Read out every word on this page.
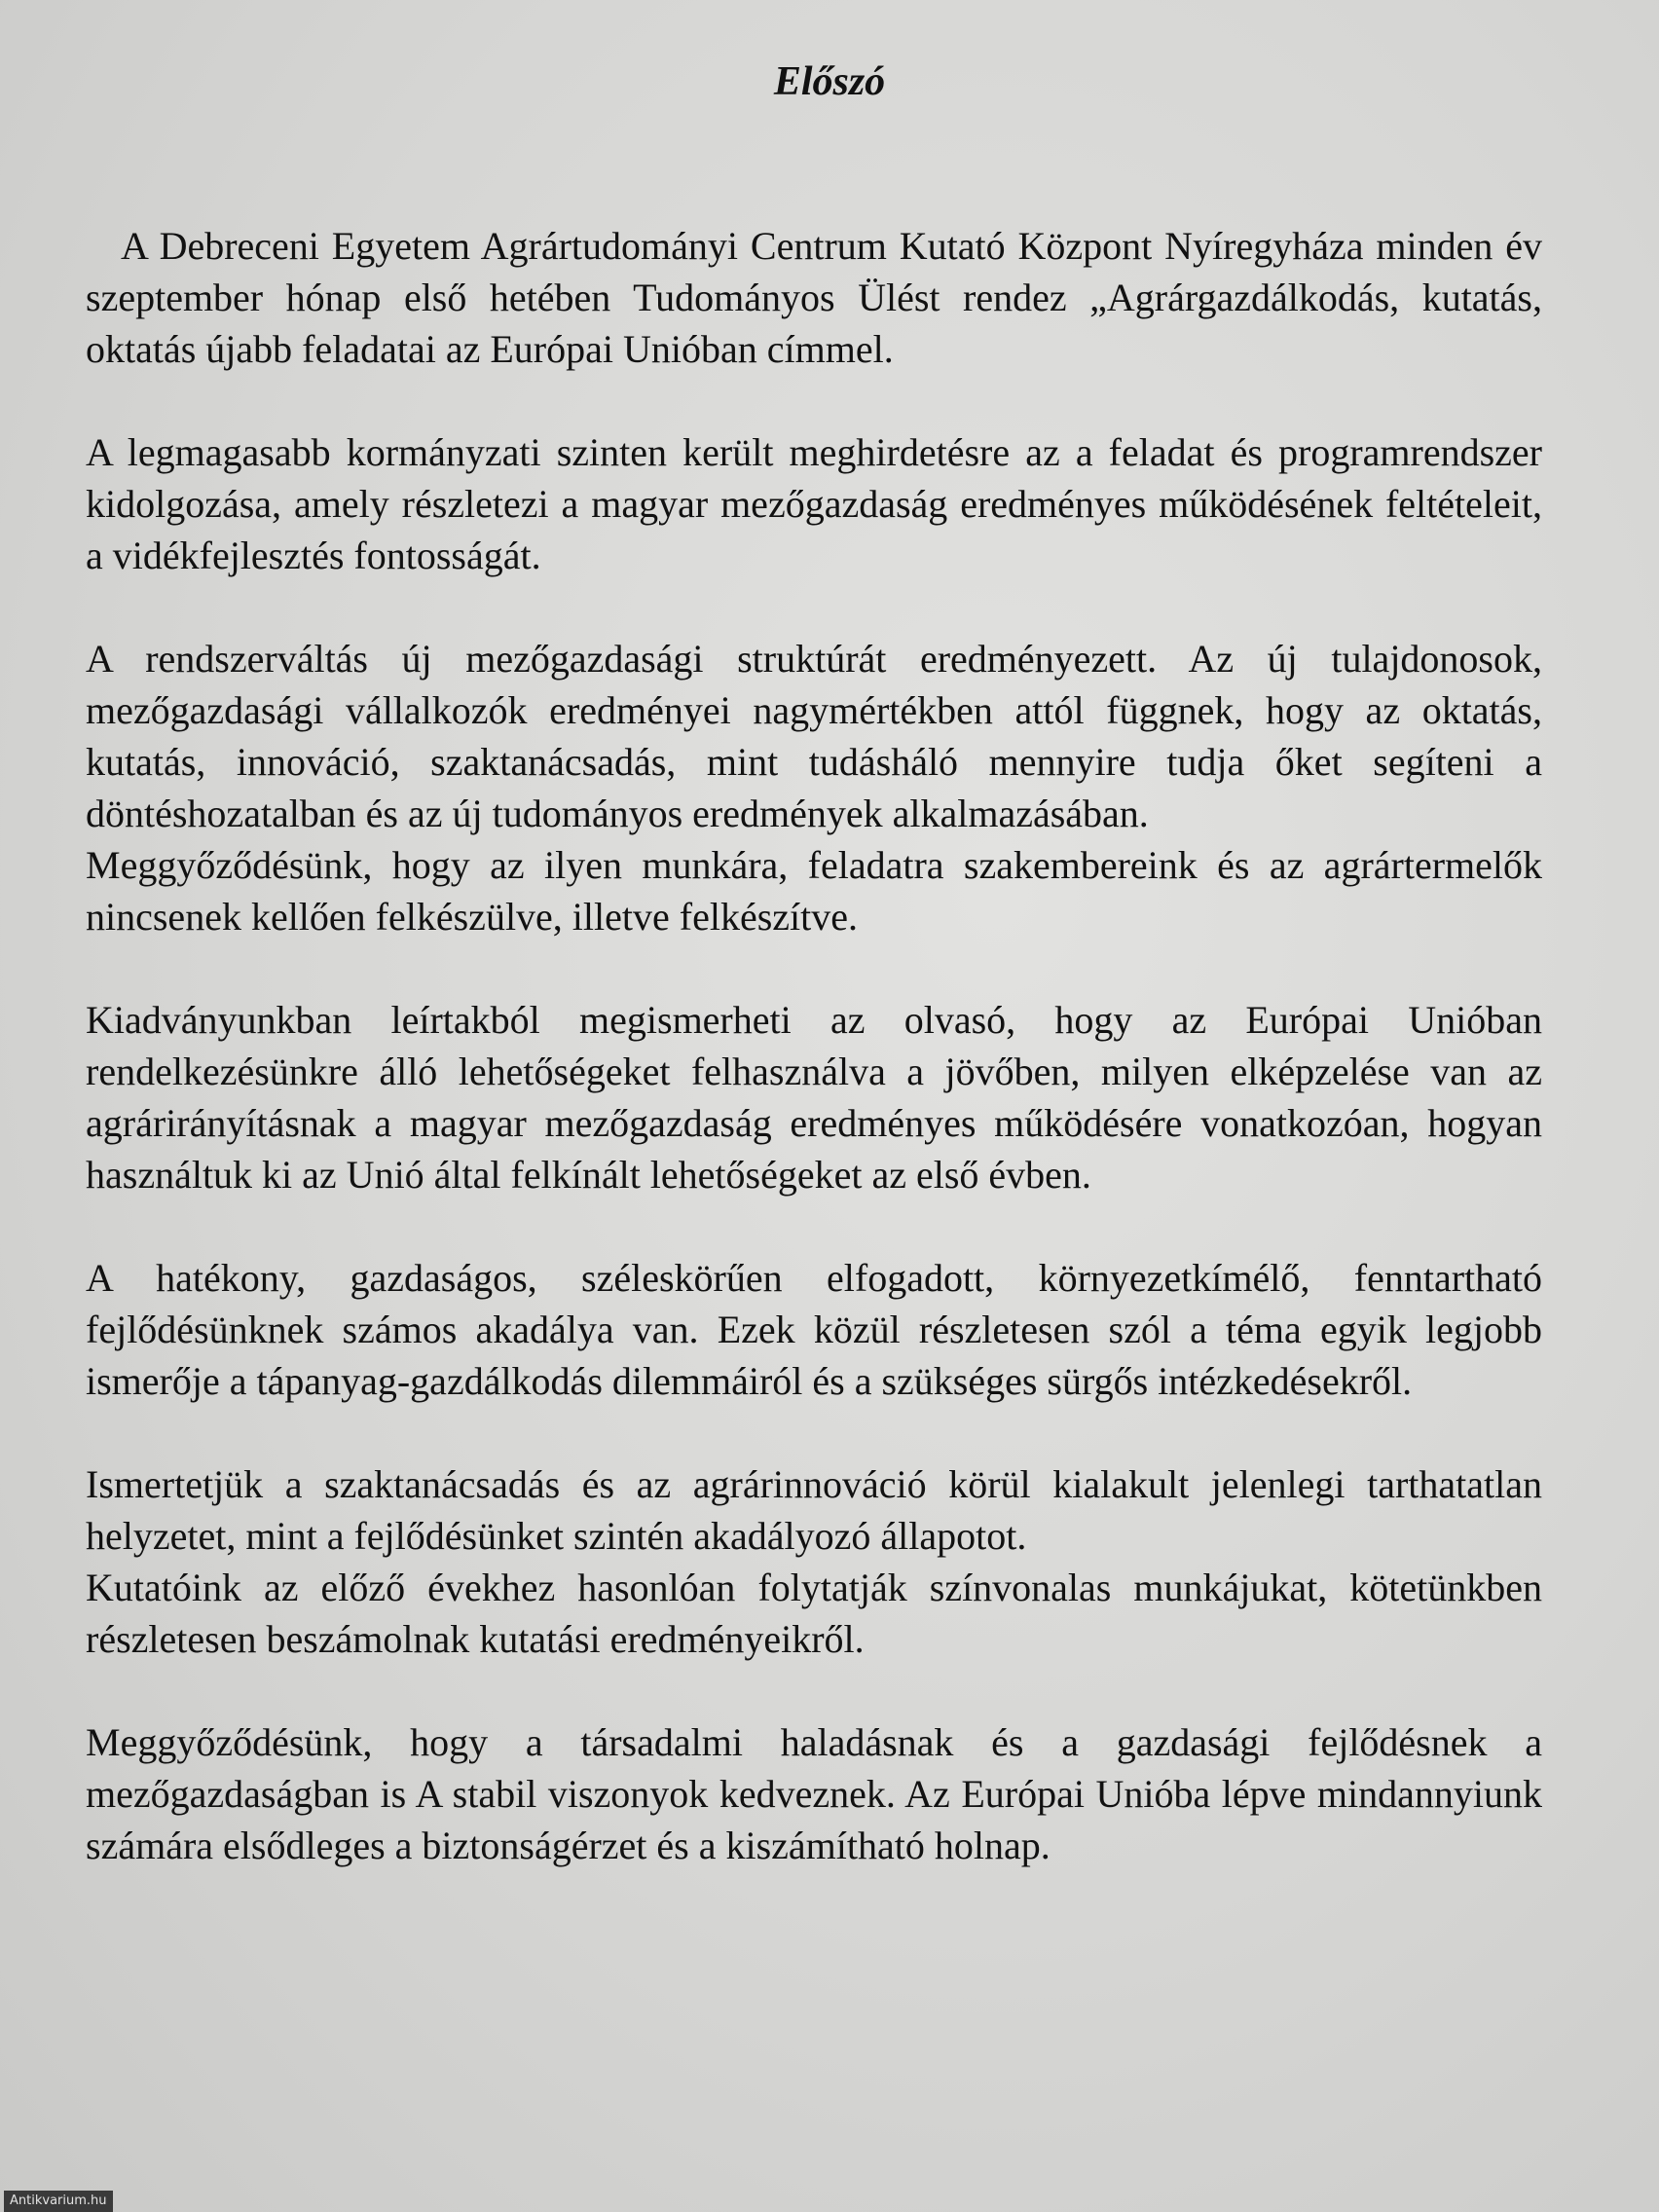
Előszó

A Debreceni Egyetem Agrártudományi Centrum Kutató Központ Nyíregyháza minden év szeptember hónap első hetében Tudományos Ülést rendez „Agrárgazdálkodás, kutatás, oktatás újabb feladatai az Európai Unióban címmel.

A legmagasabb kormányzati szinten került meghirdetésre az a feladat és programrendszer kidolgozása, amely részletezi a magyar mezőgazdaság eredményes működésének feltételeit, a vidékfejlesztés fontosságát.

A rendszerváltás új mezőgazdasági struktúrát eredményezett. Az új tulajdonosok, mezőgazdasági vállalkozók eredményei nagymértékben attól függnek, hogy az oktatás, kutatás, innováció, szaktanácsadás, mint tudásháló mennyire tudja őket segíteni a döntéshozatalban és az új tudományos eredmények alkalmazásában.

Meggyőződésünk, hogy az ilyen munkára, feladatra szakembereink és az agrártermelők nincsenek kellően felkészülve, illetve felkészítve.

Kiadványunkban leírtakból megismerheti az olvasó, hogy az Európai Unióban rendelkezésünkre álló lehetőségeket felhasználva a jövőben, milyen elképzelése van az agrárirányításnak a magyar mezőgazdaság eredményes működésére vonatkozóan, hogyan használtuk ki az Unió által felkínált lehetőségeket az első évben.

A hatékony, gazdaságos, széleskörűen elfogadott, környezetkímélő, fenntartható fejlődésünknek számos akadálya van. Ezek közül részletesen szól a téma egyik legjobb ismerője a tápanyag-gazdálkodás dilemmáiról és a szükséges sürgős intézkedésekről.

Ismertetjük a szaktanácsadás és az agrárinnováció körül kialakult jelenlegi tarthatatlan helyzetet, mint a fejlődésünket szintén akadályozó állapotot.

Kutatóink az előző évekhez hasonlóan folytatják színvonalas munkájukat, kötetünkben részletesen beszámolnak kutatási eredményeikről.

Meggyőződésünk, hogy a társadalmi haladásnak és a gazdasági fejlődésnek a mezőgazdaságban is A stabil viszonyok kedveznek. Az Európai Unióba lépve mindannyiunk számára elsődleges a biztonságérzet és a kiszámítható holnap.

Antikvarium.hu
